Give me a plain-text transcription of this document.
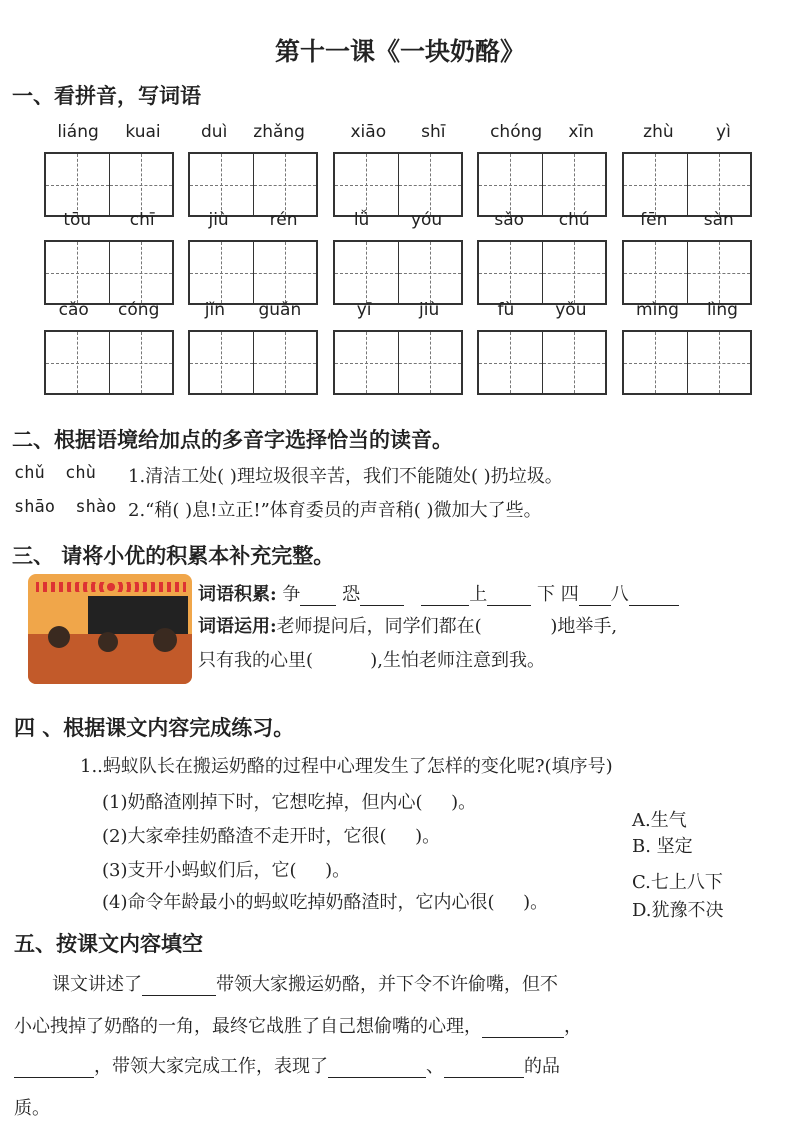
第十一课《一块奶酪》
一、看拼音，写词语
liáng kuai duì zhǎng	xiāo shī	chóng xīn	zhù yì
tōu chī	jiù rén	lǚ yóu	sǎo chú	fēn sàn
cǎo cóng	jǐn guǎn	yī	jiù	fù yǒu	mìng lìng
二、根据语境给加点的多音字选择恰当的读音。
chǔ  chù 1.清洁工处( )理垃圾很辛苦，我们不能随处( )扔垃圾。
shāo  shào 2.“稍( )息!立正!”体育委员的声音稍( )微加大了些。
三、 请将小优的积累本补充完整。
词语积累: 争 恐	上	下 四 八
词语运用:老师提问后，同学们都在(            )地举手,
只有我的心里(          ),生怕老师注意到我。
四 、根据课文内容完成练习。
1..蚂蚁队长在搬运奶酪的过程中心理发生了怎样的变化呢?(填序号)
(1)奶酪渣刚掉下时，它想吃掉，但内心(     )。
(2)大家牵挂奶酪渣不走开时，它很(     )。
(3)支开小蚂蚁们后，它(     )。
(4)命令年龄最小的蚂蚁吃掉奶酪渣时，它内心很(     )。
A.生气
B. 坚定
C.七上八下
D.犹豫不决
五、按课文内容填空
课文讲述了	带领大家搬运奶酪，并下令不许偷嘴，但不
小心拽掉了奶酪的一角，最终它战胜了自己想偷嘴的心理，	，
，带领大家完成工作，表现了	、	的品
质。
